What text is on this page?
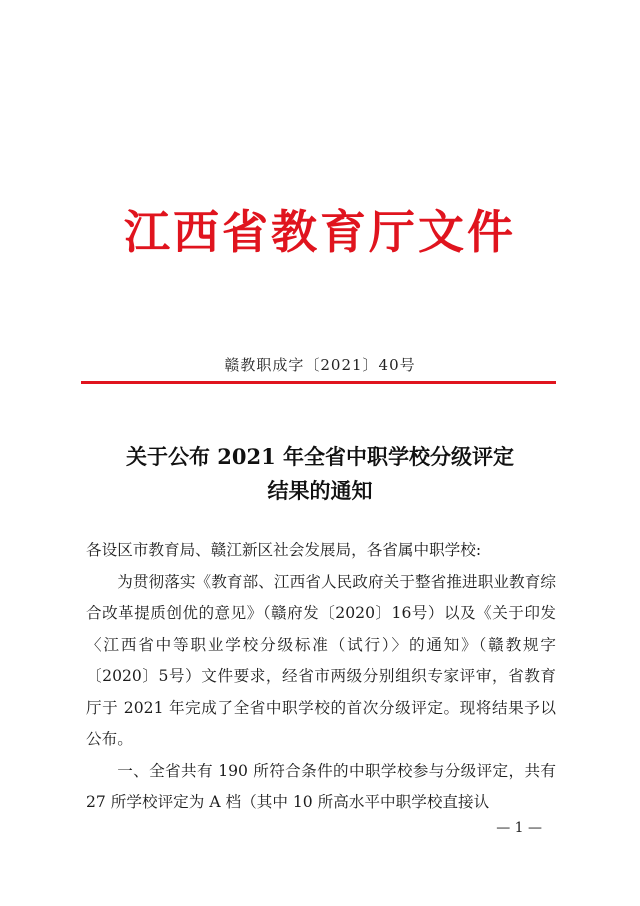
江西省教育厅文件
赣教职成字〔2021〕40号
关于公布 2021 年全省中职学校分级评定
结果的通知

各设区市教育局、赣江新区社会发展局，各省属中职学校:

为贯彻落实《教育部、江西省人民政府关于整省推进职业教育综合改革提质创优的意见》（赣府发〔2020〕16号）以及《关于印发〈江西省中等职业学校分级标准（试行）〉的通知》（赣教规字〔2020〕5号）文件要求，经省市两级分别组织专家评审，省教育厅于 2021 年完成了全省中职学校的首次分级评定。现将结果予以公布。

一、全省共有 190 所符合条件的中职学校参与分级评定，共有 27 所学校评定为 A 档（其中 10 所高水平中职学校直接认

— 1 —
